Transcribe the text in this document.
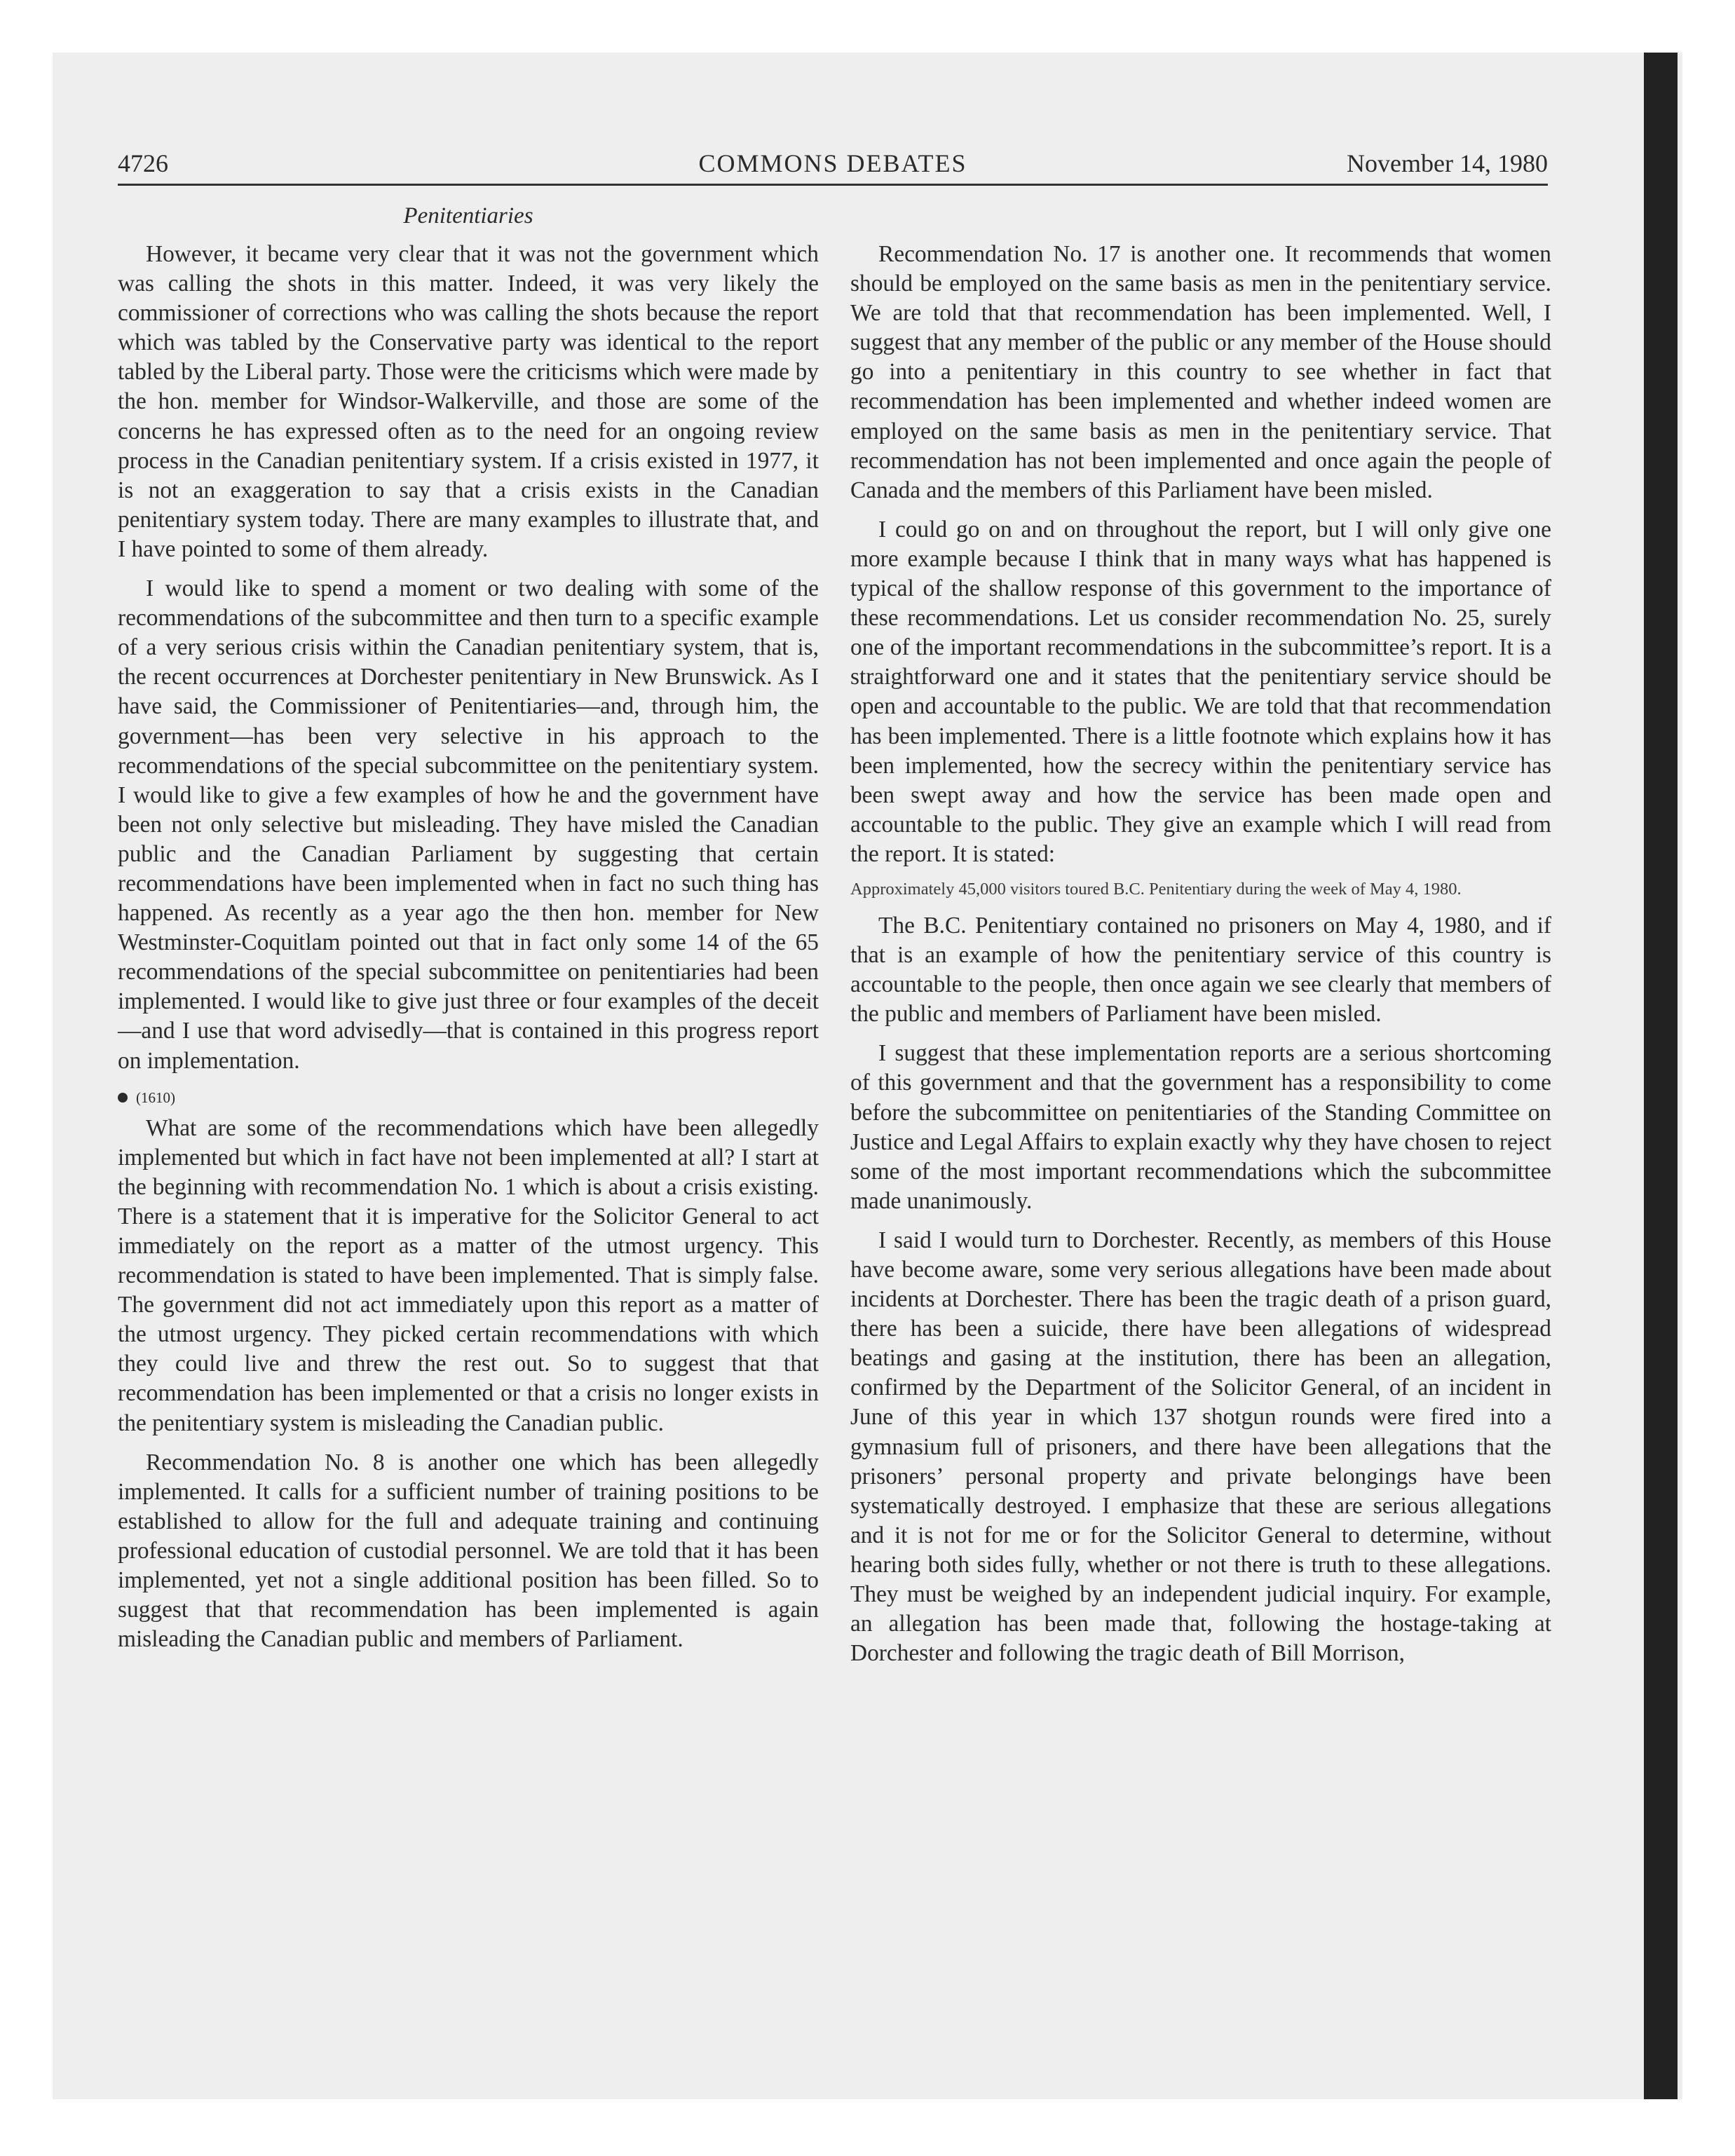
4726	COMMONS DEBATES	November 14, 1980
Penitentiaries

However, it became very clear that it was not the government which was calling the shots in this matter. Indeed, it was very likely the commissioner of corrections who was calling the shots because the report which was tabled by the Conservative party was identical to the report tabled by the Liberal party. Those were the criticisms which were made by the hon. member for Windsor-Walkerville, and those are some of the concerns he has expressed often as to the need for an ongoing review process in the Canadian penitentiary system. If a crisis existed in 1977, it is not an exaggeration to say that a crisis exists in the Canadian penitentiary system today. There are many examples to illustrate that, and I have pointed to some of them already.

I would like to spend a moment or two dealing with some of the recommendations of the subcommittee and then turn to a specific example of a very serious crisis within the Canadian penitentiary system, that is, the recent occurrences at Dorchester penitentiary in New Brunswick. As I have said, the Commissioner of Penitentiaries—and, through him, the government—has been very selective in his approach to the recommendations of the special subcommittee on the penitentiary system. I would like to give a few examples of how he and the government have been not only selective but misleading. They have misled the Canadian public and the Canadian Parliament by suggesting that certain recommendations have been implemented when in fact no such thing has happened. As recently as a year ago the then hon. member for New Westminster-Coquitlam pointed out that in fact only some 14 of the 65 recommendations of the special subcommittee on penitentiaries had been implemented. I would like to give just three or four examples of the deceit—and I use that word advisedly—that is contained in this progress report on implementation.

(1610)

What are some of the recommendations which have been allegedly implemented but which in fact have not been implemented at all? I start at the beginning with recommendation No. 1 which is about a crisis existing. There is a statement that it is imperative for the Solicitor General to act immediately on the report as a matter of the utmost urgency. This recommendation is stated to have been implemented. That is simply false. The government did not act immediately upon this report as a matter of the utmost urgency. They picked certain recommendations with which they could live and threw the rest out. So to suggest that that recommendation has been implemented or that a crisis no longer exists in the penitentiary system is misleading the Canadian public.

Recommendation No. 8 is another one which has been allegedly implemented. It calls for a sufficient number of training positions to be established to allow for the full and adequate training and continuing professional education of custodial personnel. We are told that it has been implemented, yet not a single additional position has been filled. So to suggest that that recommendation has been implemented is again misleading the Canadian public and members of Parliament.

Recommendation No. 17 is another one. It recommends that women should be employed on the same basis as men in the penitentiary service. We are told that that recommendation has been implemented. Well, I suggest that any member of the public or any member of the House should go into a penitentiary in this country to see whether in fact that recommendation has been implemented and whether indeed women are employed on the same basis as men in the penitentiary service. That recommendation has not been implemented and once again the people of Canada and the members of this Parliament have been misled.

I could go on and on throughout the report, but I will only give one more example because I think that in many ways what has happened is typical of the shallow response of this government to the importance of these recommendations. Let us consider recommendation No. 25, surely one of the important recommendations in the subcommittee’s report. It is a straightforward one and it states that the penitentiary service should be open and accountable to the public. We are told that that recommendation has been implemented. There is a little footnote which explains how it has been implemented, how the secrecy within the penitentiary service has been swept away and how the service has been made open and accountable to the public. They give an example which I will read from the report. It is stated:

Approximately 45,000 visitors toured B.C. Penitentiary during the week of May 4, 1980.

The B.C. Penitentiary contained no prisoners on May 4, 1980, and if that is an example of how the penitentiary service of this country is accountable to the people, then once again we see clearly that members of the public and members of Parliament have been misled.

I suggest that these implementation reports are a serious shortcoming of this government and that the government has a responsibility to come before the subcommittee on penitentiaries of the Standing Committee on Justice and Legal Affairs to explain exactly why they have chosen to reject some of the most important recommendations which the subcommittee made unanimously.

I said I would turn to Dorchester. Recently, as members of this House have become aware, some very serious allegations have been made about incidents at Dorchester. There has been the tragic death of a prison guard, there has been a suicide, there have been allegations of widespread beatings and gasing at the institution, there has been an allegation, confirmed by the Department of the Solicitor General, of an incident in June of this year in which 137 shotgun rounds were fired into a gymnasium full of prisoners, and there have been allegations that the prisoners’ personal property and private belongings have been systematically destroyed. I emphasize that these are serious allegations and it is not for me or for the Solicitor General to determine, without hearing both sides fully, whether or not there is truth to these allegations. They must be weighed by an independent judicial inquiry. For example, an allegation has been made that, following the hostage-taking at Dorchester and following the tragic death of Bill Morrison,
